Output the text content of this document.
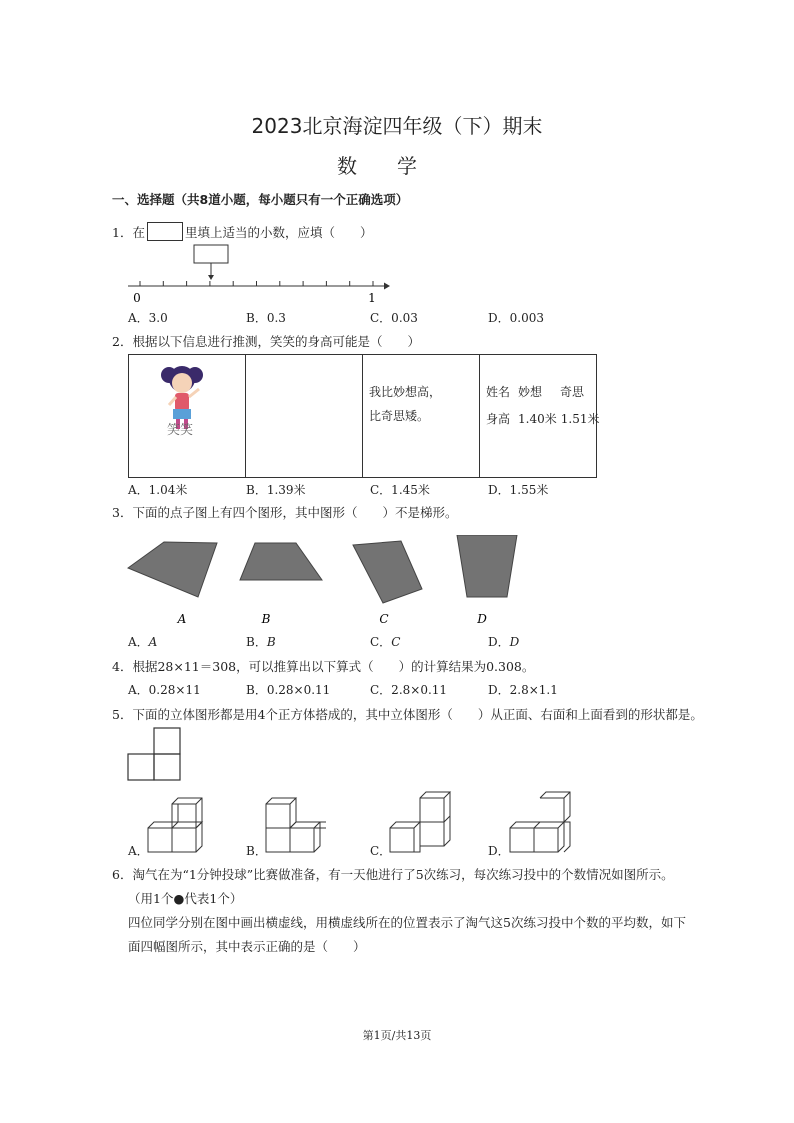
2023北京海淀四年级（下）期末
数学
一、选择题（共8道小题，每小题只有一个正确选项）
1．在	里填上适当的小数，应填（　　）
0	1
A．3.0	B．0.3	C．0.03	D．0.003
2．根据以下信息进行推测，笑笑的身高可能是（　　）
笑笑

我比妙想高，
比奇思矮。

姓名 妙想 奇思
身高 1.40米 1.51米
A．1.04米	B．1.39米	C．1.45米	D．1.55米
3．下面的点子图上有四个图形，其中图形（　　）不是梯形。
A	B	C	D
A．A	B．B	C．C	D．D
4．根据28×11＝308，可以推算出以下算式（　　）的计算结果为0.308。
A．0.28×11	B．0.28×0.11	C．2.8×0.11	D．2.8×1.1
5．下面的立体图形都是用4个正方体搭成的，其中立体图形（　　）从正面、右面和上面看到的形状都是。
A．	B．	C．	D．
6．淘气在为“1分钟投球”比赛做准备，有一天他进行了5次练习，每次练习投中的个数情况如图所示。
（用1个●代表1个）
四位同学分别在图中画出横虚线，用横虚线所在的位置表示了淘气这5次练习投中个数的平均数，如下
面四幅图所示，其中表示正确的是（　　）
第1页/共13页
